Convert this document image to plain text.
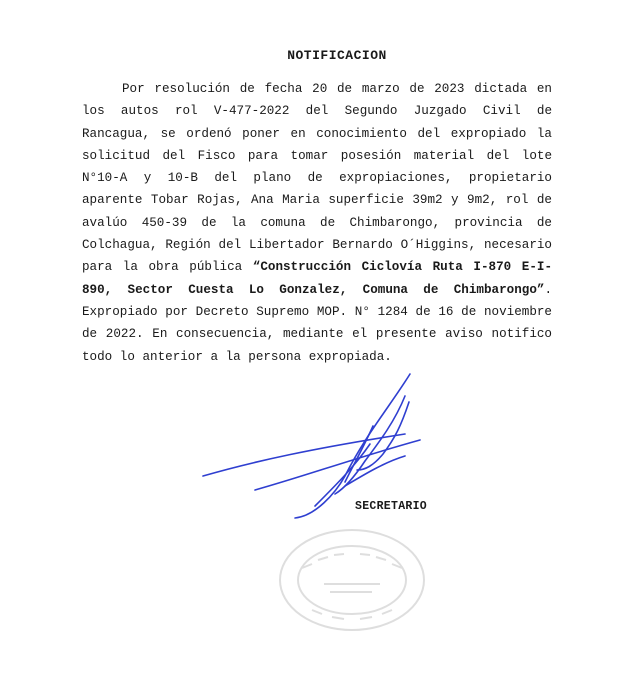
NOTIFICACION

Por resolución de fecha 20 de marzo de 2023 dictada en los autos rol V-477-2022 del Segundo Juzgado Civil de Rancagua, se ordenó poner en conocimiento del expropiado la solicitud del Fisco para tomar posesión material del lote N°10-A y 10-B del plano de expropiaciones, propietario aparente Tobar Rojas, Ana Maria superficie 39m2 y 9m2, rol de avalúo 450-39 de la comuna de Chimbarongo, provincia de Colchagua, Región del Libertador Bernardo O´Higgins, necesario para la obra pública “Construcción Ciclovía Ruta I-870 E-I-890, Sector Cuesta Lo Gonzalez, Comuna de Chimbarongo”. Expropiado por Decreto Supremo MOP. N° 1284 de 16 de noviembre de 2022. En consecuencia, mediante el presente aviso notifico todo lo anterior a la persona expropiada.

SECRETARIO
